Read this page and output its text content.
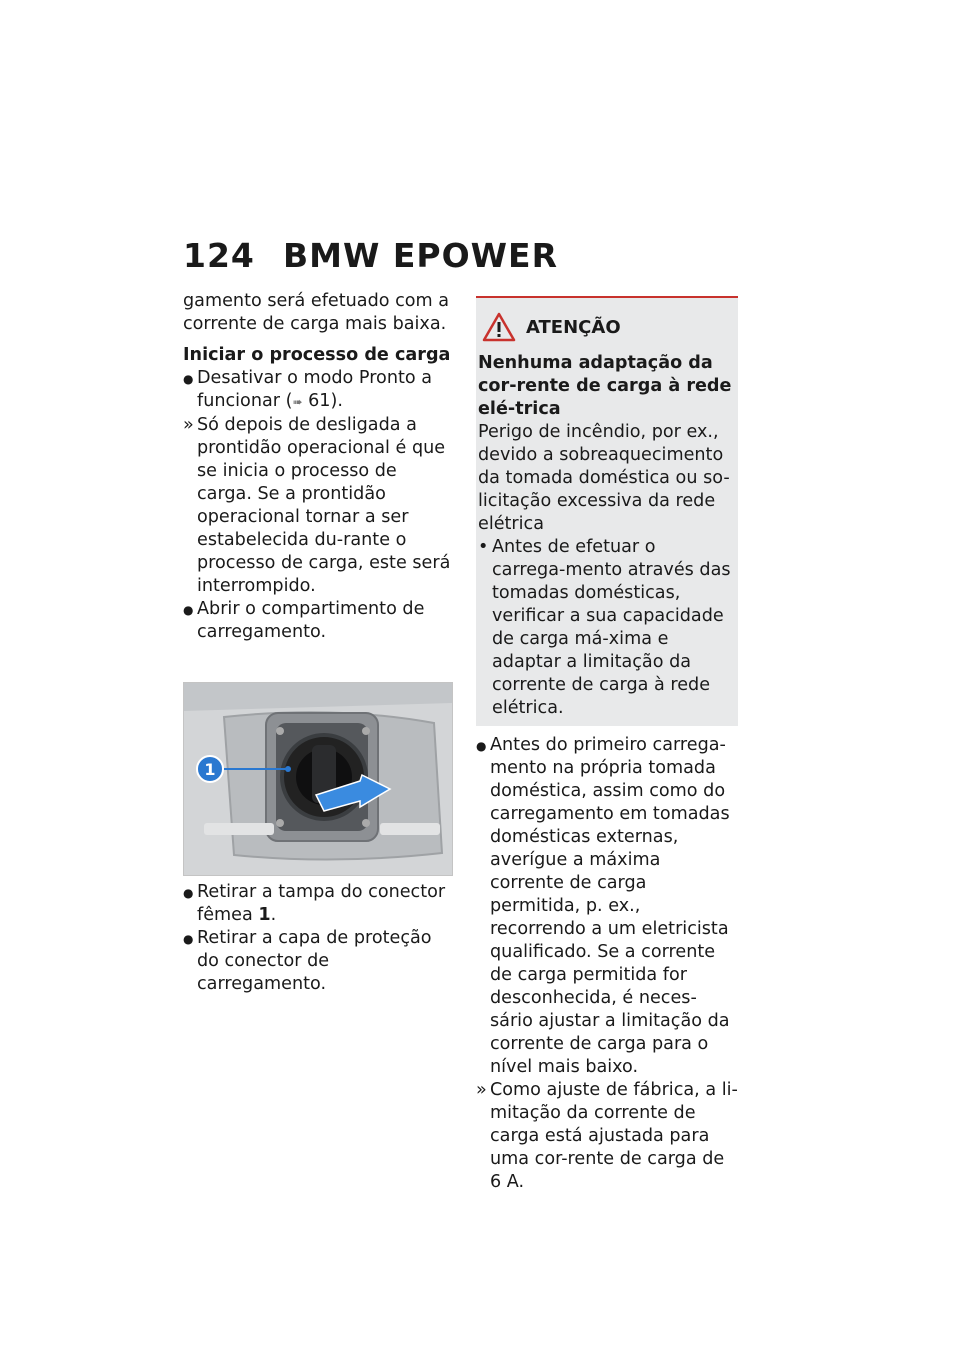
124 BMW EPOWER

gamento será efetuado com a corrente de carga mais baixa.

Iniciar o processo de carga

● Desativar o modo Pronto a funcionar (➠ 61).
» Só depois de desligada a prontidão operacional é que se inicia o processo de carga. Se a prontidão operacional tornar a ser estabelecida du-rante o processo de carga, este será interrompido.
● Abrir o compartimento de carregamento.
1
● Retirar a tampa do conector fêmea 1.
● Retirar a capa de proteção do conector de carregamento.
ATENÇÃO

Nenhuma adaptação da cor-rente de carga à rede elé-trica

Perigo de incêndio, por ex., devido a sobreaquecimento da tomada doméstica ou so-licitação excessiva da rede elétrica

• Antes de efetuar o carrega-mento através das tomadas domésticas, verificar a sua capacidade de carga má-xima e adaptar a limitação da corrente de carga à rede elétrica.
● Antes do primeiro carrega-mento na própria tomada doméstica, assim como do carregamento em tomadas domésticas externas, averígue a máxima corrente de carga permitida, p. ex., recorrendo a um eletricista qualificado. Se a corrente de carga permitida for desconhecida, é neces-sário ajustar a limitação da corrente de carga para o nível mais baixo.
» Como ajuste de fábrica, a li-mitação da corrente de carga está ajustada para uma cor-rente de carga de 6 A.
